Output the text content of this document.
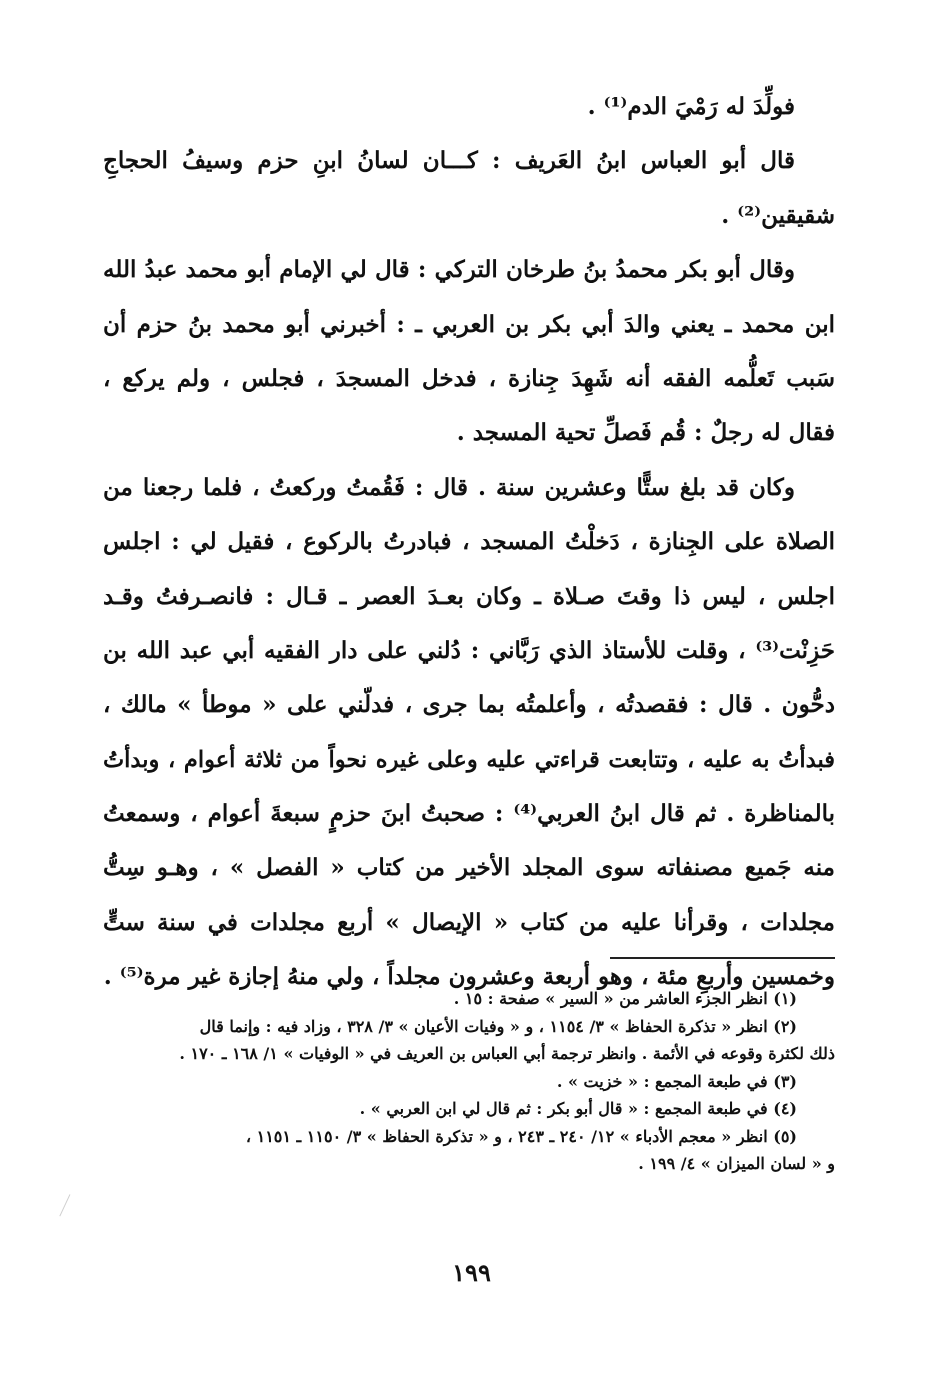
فولِّدَ له رَمْيَ الدم⁽¹⁾ .
قال أبو العباس ابنُ العَريف : كـــان لسانُ ابنِ حزم وسيفُ الحجاجِ
شقيقين⁽²⁾ .
وقال أبو بكر محمدُ بنُ طرخان التركي : قال لي الإمام أبو محمد عبدُ الله
ابن محمد ـ يعني والدَ أبي بكر بن العربي ـ : أخبرني أبو محمد بنُ حزم أن
سَبب تَعلُّمه الفقه أنه شَهِدَ جِنازة ، فدخل المسجدَ ، فجلس ، ولم يركع ،
فقال له رجلٌ : قُم فَصلِّ تحية المسجد .
وكان قد بلغ ستًّا وعشرين سنة . قال : فَقُمتُ وركعتُ ، فلما رجعنا من
الصلاة على الجِنازة ، دَخلْتُ المسجد ، فبادرتُ بالركوع ، فقيل لي : اجلس
اجلس ، ليس ذا وقتَ صـلاة ـ وكان بعـدَ العصر ـ قـال : فانصـرفتُ وقـد
حَزِنْت⁽³⁾ ، وقلت للأستاذ الذي رَبَّاني : دُلني على دار الفقيه أبي عبد الله بن
دحُّون . قال : فقصدتُه ، وأعلمتُه بما جرى ، فدلّني على « موطأ » مالك ،
فبدأتُ به عليه ، وتتابعت قراءتي عليه وعلى غيره نحواً من ثلاثة أعوام ، وبدأتُ
بالمناظرة . ثم قال ابنُ العربي⁽⁴⁾ : صحبتُ ابنَ حزمٍ سبعةَ أعوام ، وسمعتُ
منه جَميع مصنفاته سوى المجلد الأخير من كتاب « الفصل » ، وهـو سِتُّ
مجلدات ، وقرأنا عليه من كتاب « الإيصال » أربع مجلدات في سنة ستٍّ
وخمسين وأربعِ مئة ، وهو أربعة وعشرون مجلداً ، ولي منهُ إجازة غير مرة⁽⁵⁾ .
(١) انظر الجزء العاشر من « السير » صفحة : ١٥ .
(٢) انظر « تذكرة الحفاظ » ٣/ ١١٥٤ ، و « وفيات الأعيان » ٣/ ٣٢٨ ، وزاد فيه : وإنما قال
ذلك لكثرة وقوعه في الأئمة . وانظر ترجمة أبي العباس بن العريف في « الوفيات » ١/ ١٦٨ ـ ١٧٠ .
(٣) في طبعة المجمع : « خزيت » .
(٤) في طبعة المجمع : « قال أبو بكر : ثم قال لي ابن العربي » .
(٥) انظر « معجم الأدباء » ١٢/ ٢٤٠ ـ ٢٤٣ ، و « تذكرة الحفاظ » ٣/ ١١٥٠ ـ ١١٥١ ،
و « لسان الميزان » ٤/ ١٩٩ .
١٩٩
